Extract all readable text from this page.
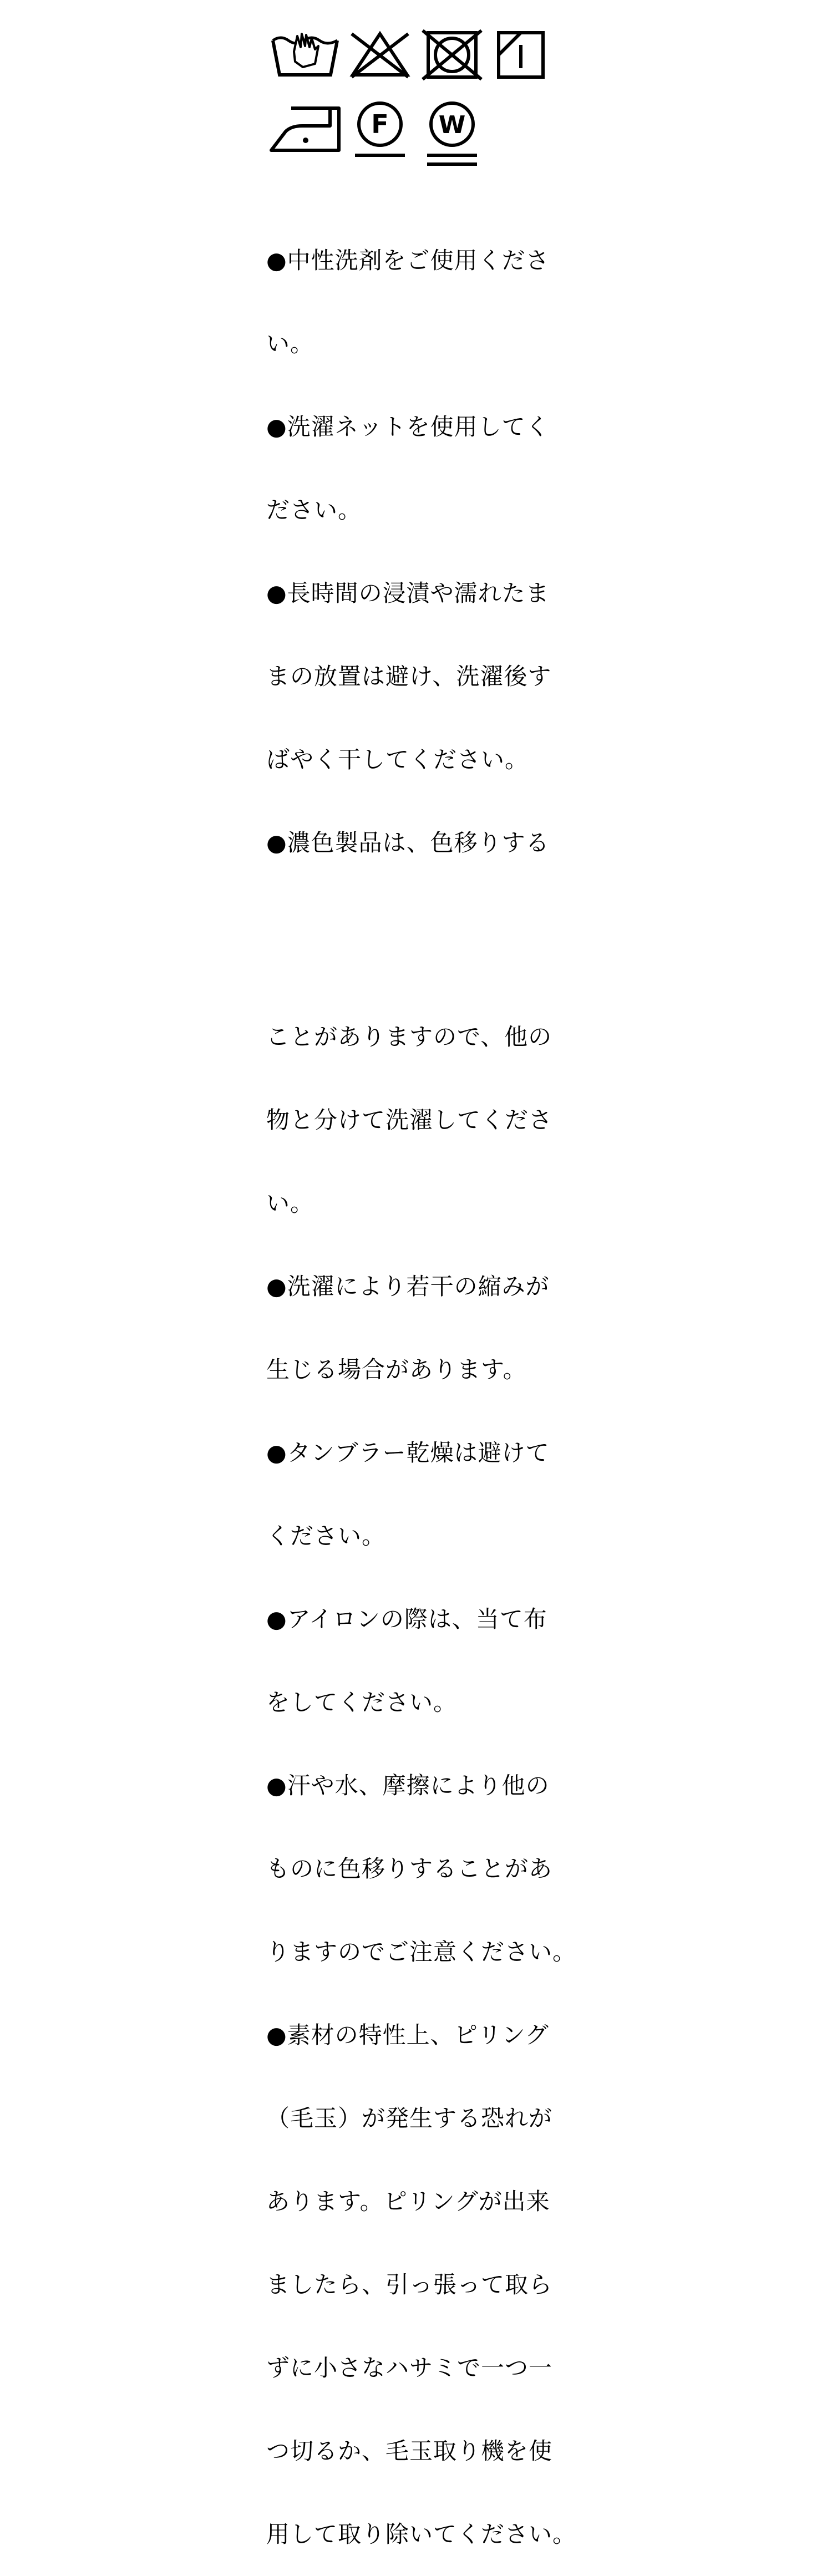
F W

●中性洗剤をご使用くださ

い。

●洗濯ネットを使用してく

ださい。

●長時間の浸漬や濡れたま

まの放置は避け、洗濯後す

ばやく干してください。

●濃色製品は、色移りする

ことがありますので、他の

物と分けて洗濯してくださ

い。

●洗濯により若干の縮みが

生じる場合があります。

●タンブラー乾燥は避けて

ください。

●アイロンの際は、当て布

をしてください。

●汗や水、摩擦により他の

ものに色移りすることがあ

りますのでご注意ください。

●素材の特性上、ピリング

（毛玉）が発生する恐れが

あります。ピリングが出来

ましたら、引っ張って取ら

ずに小さなハサミで一つ一

つ切るか、毛玉取り機を使

用して取り除いてください。
